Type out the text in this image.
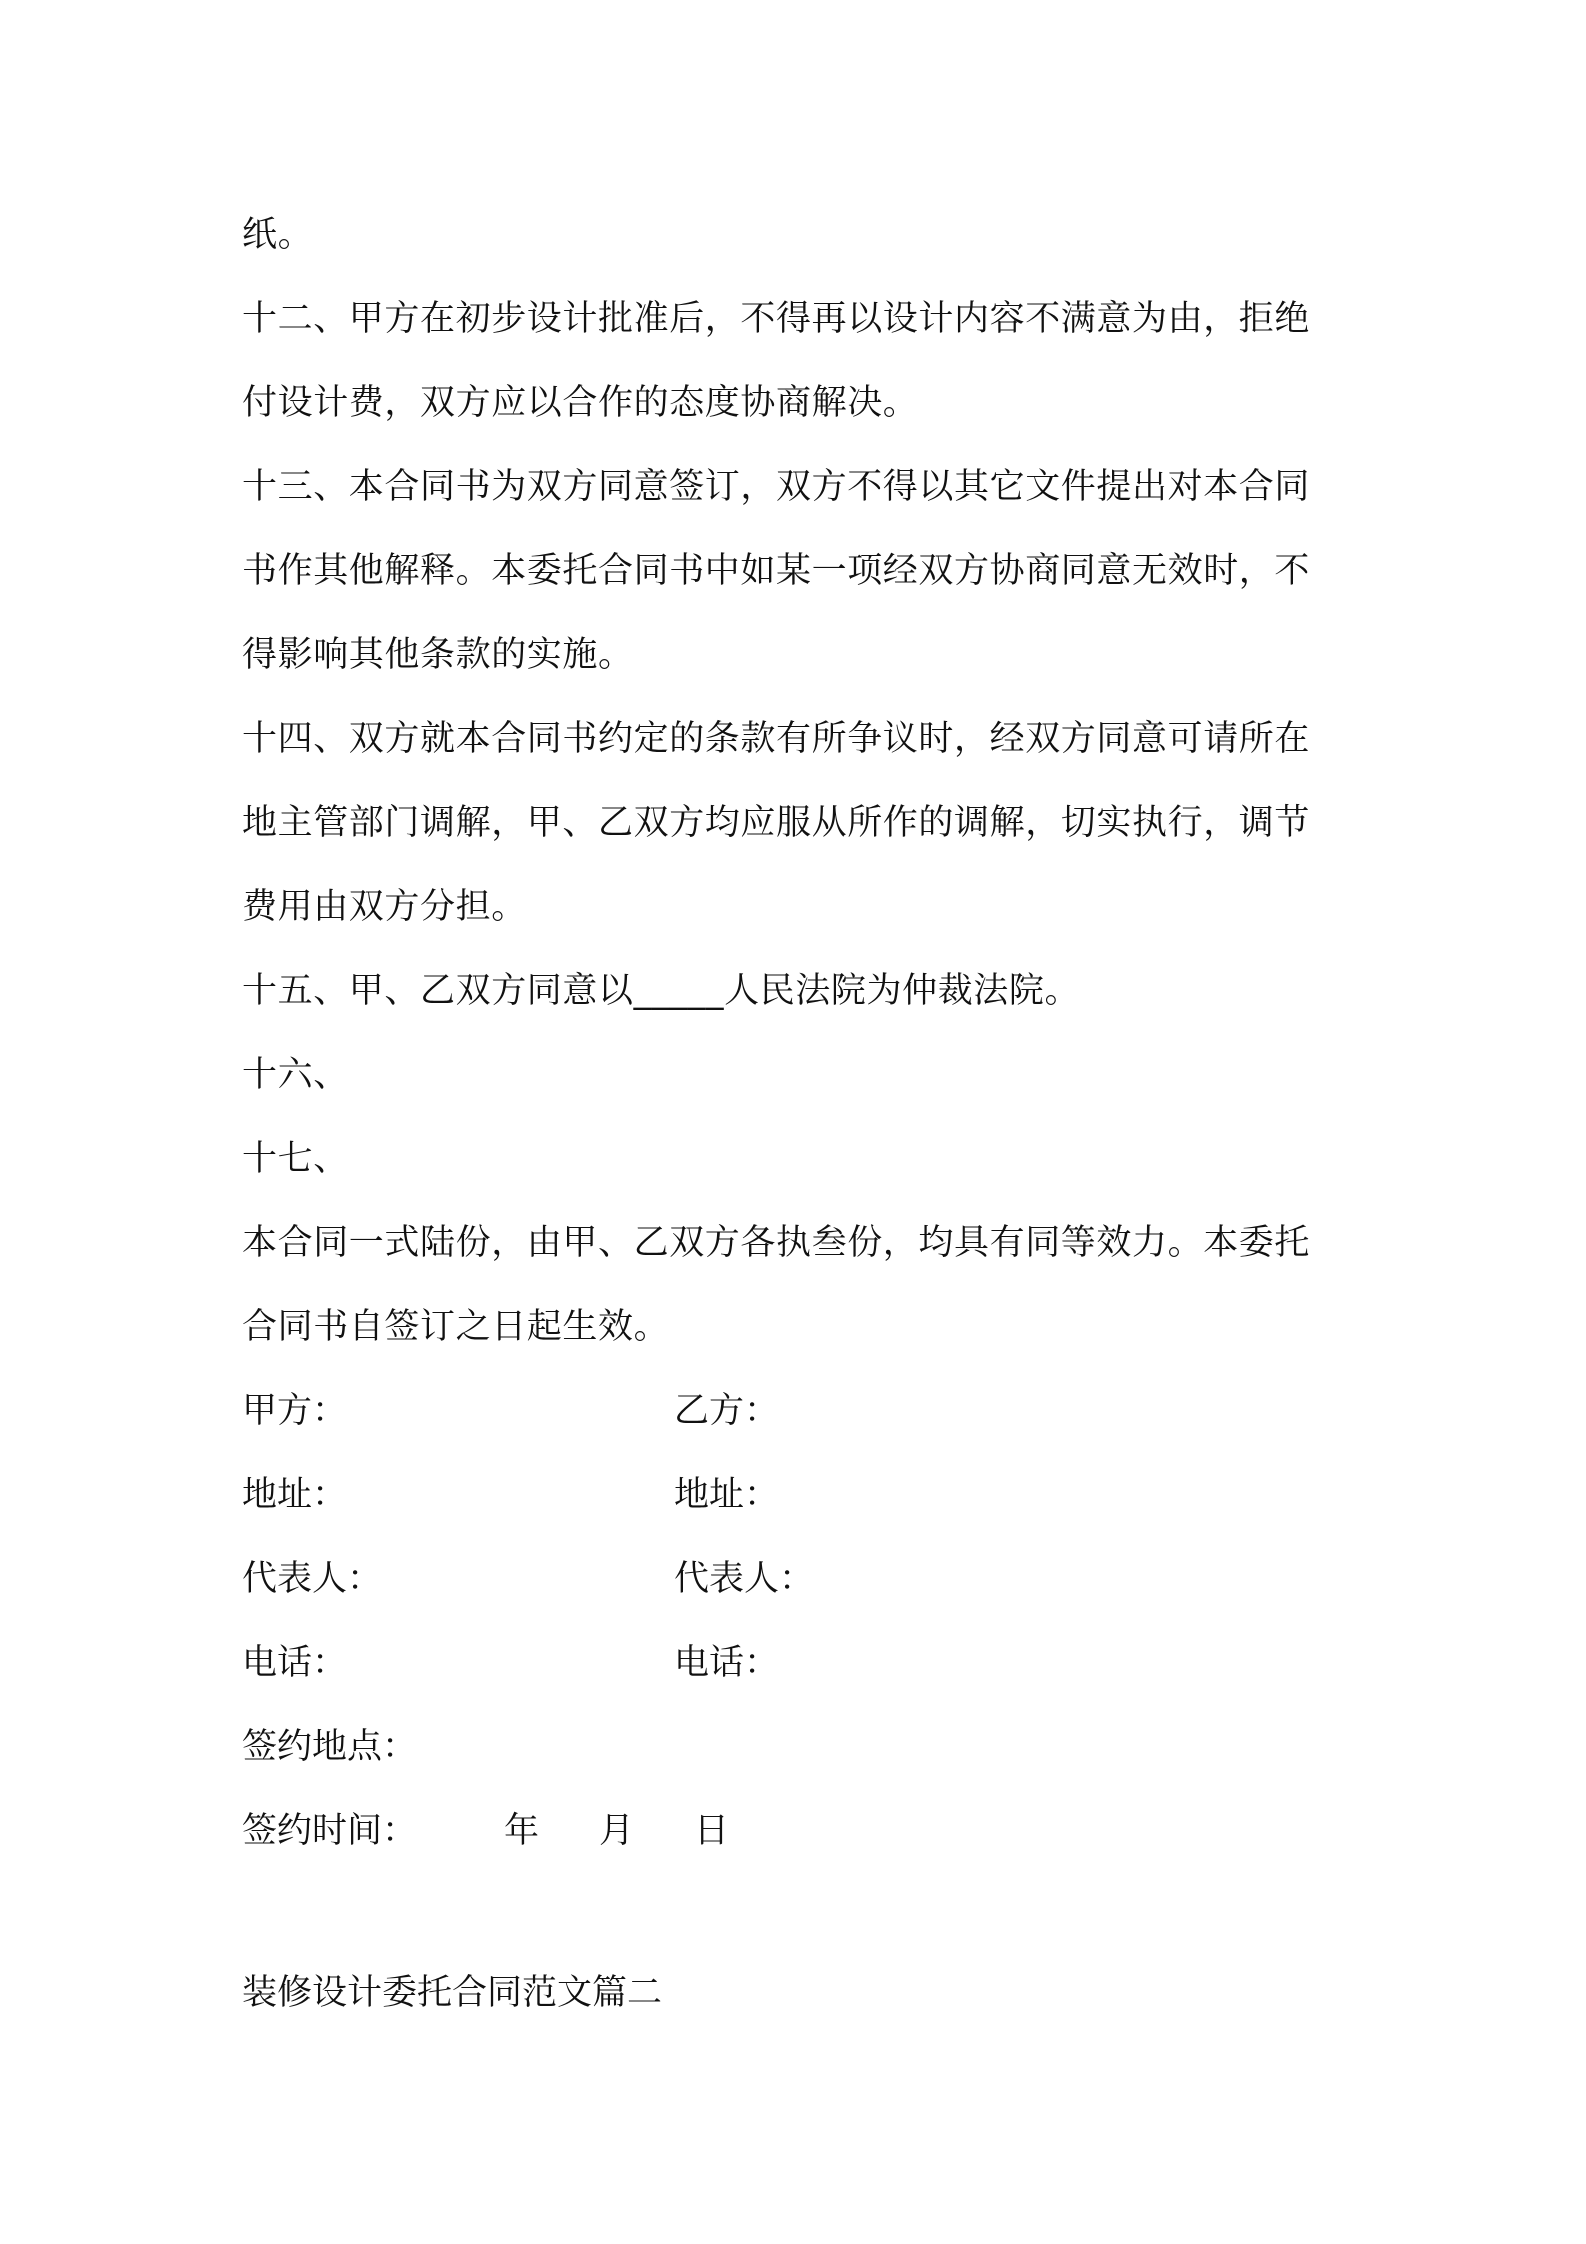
纸。
十二、甲方在初步设计批准后，不得再以设计内容不满意为由，拒绝
付设计费，双方应以合作的态度协商解决。
十三、本合同书为双方同意签订，双方不得以其它文件提出对本合同
书作其他解释。本委托合同书中如某一项经双方协商同意无效时，不
得影响其他条款的实施。
十四、双方就本合同书约定的条款有所争议时，经双方同意可请所在
地主管部门调解，甲、乙双方均应服从所作的调解，切实执行，调节
费用由双方分担。
十五、甲、乙双方同意以_____人民法院为仲裁法院。
十六、
十七、
本合同一式陆份，由甲、乙双方各执叁份，均具有同等效力。本委托
合同书自签订之日起生效。
甲方：	乙方：
地址：	地址：
代表人：	代表人：
电话：	电话：
签约地点：
签约时间：	年	月	日
装修设计委托合同范文篇二
